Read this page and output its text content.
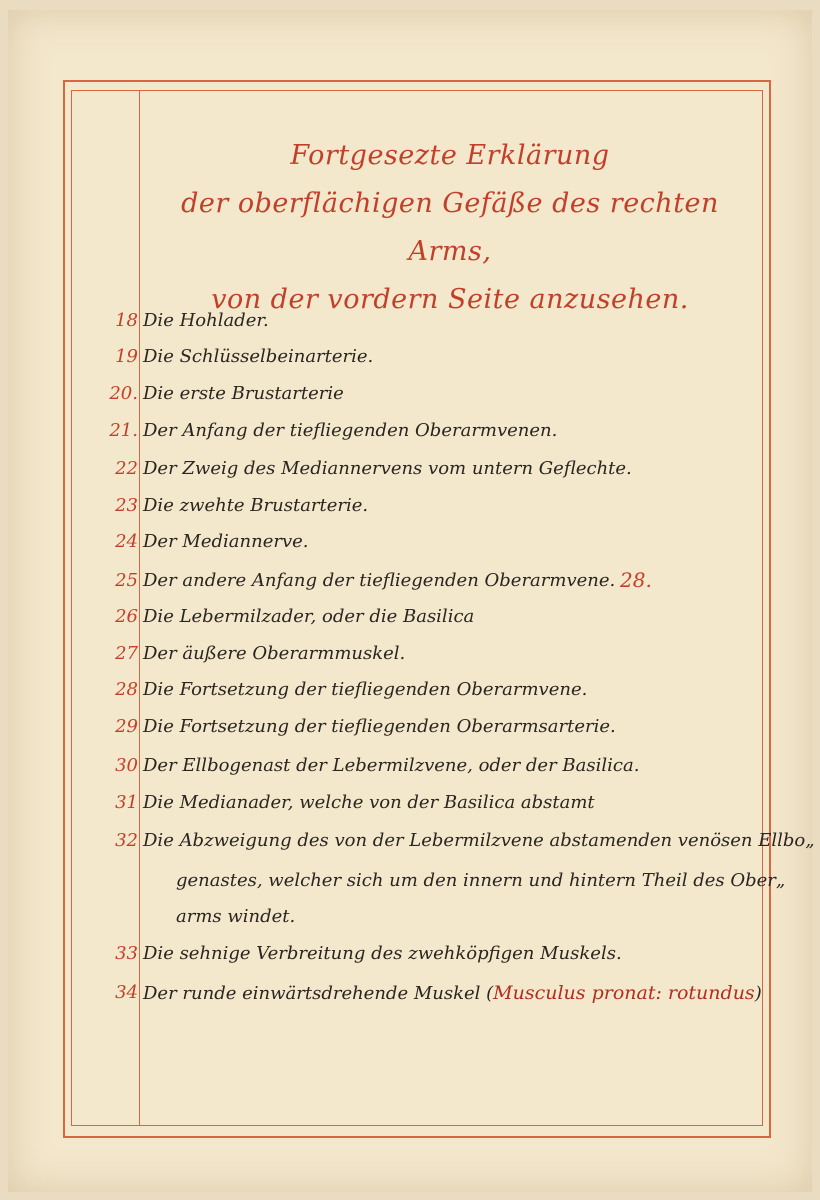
Fortgesezte Erklärung
der oberflächigen Gefäße des rechten Arms,
von der vordern Seite anzusehen.
18 Die Hohlader.
19 Die Schlüsselbeinarterie.
20. Die erste Brustarterie
21. Der Anfang der tiefliegenden Oberarmvenen.
22 Der Zweig des Mediannervens vom untern Geflechte.
23 Die zwehte Brustarterie.
24 Der Mediannerve.
25 Der andere Anfang der tiefliegenden Oberarmvene. 28.
26 Die Lebermilzader, oder die Basilica
27 Der äußere Oberarmmuskel.
28 Die Fortsetzung der tiefliegenden Oberarmvene.
29 Die Fortsetzung der tiefliegenden Oberarmsarterie.
30 Der Ellbogenast der Lebermilzvene, oder der Basilica.
31 Die Medianader, welche von der Basilica abstamt
32 Die Abzweigung des von der Lebermilzvene abstamenden venösen Ellbo„
genastes, welcher sich um den innern und hintern Theil des Ober„
arms windet.
33 Die sehnige Verbreitung des zwehköpfigen Muskels.
34 Der runde einwärtsdrehende Muskel (Musculus pronat: rotundus)
